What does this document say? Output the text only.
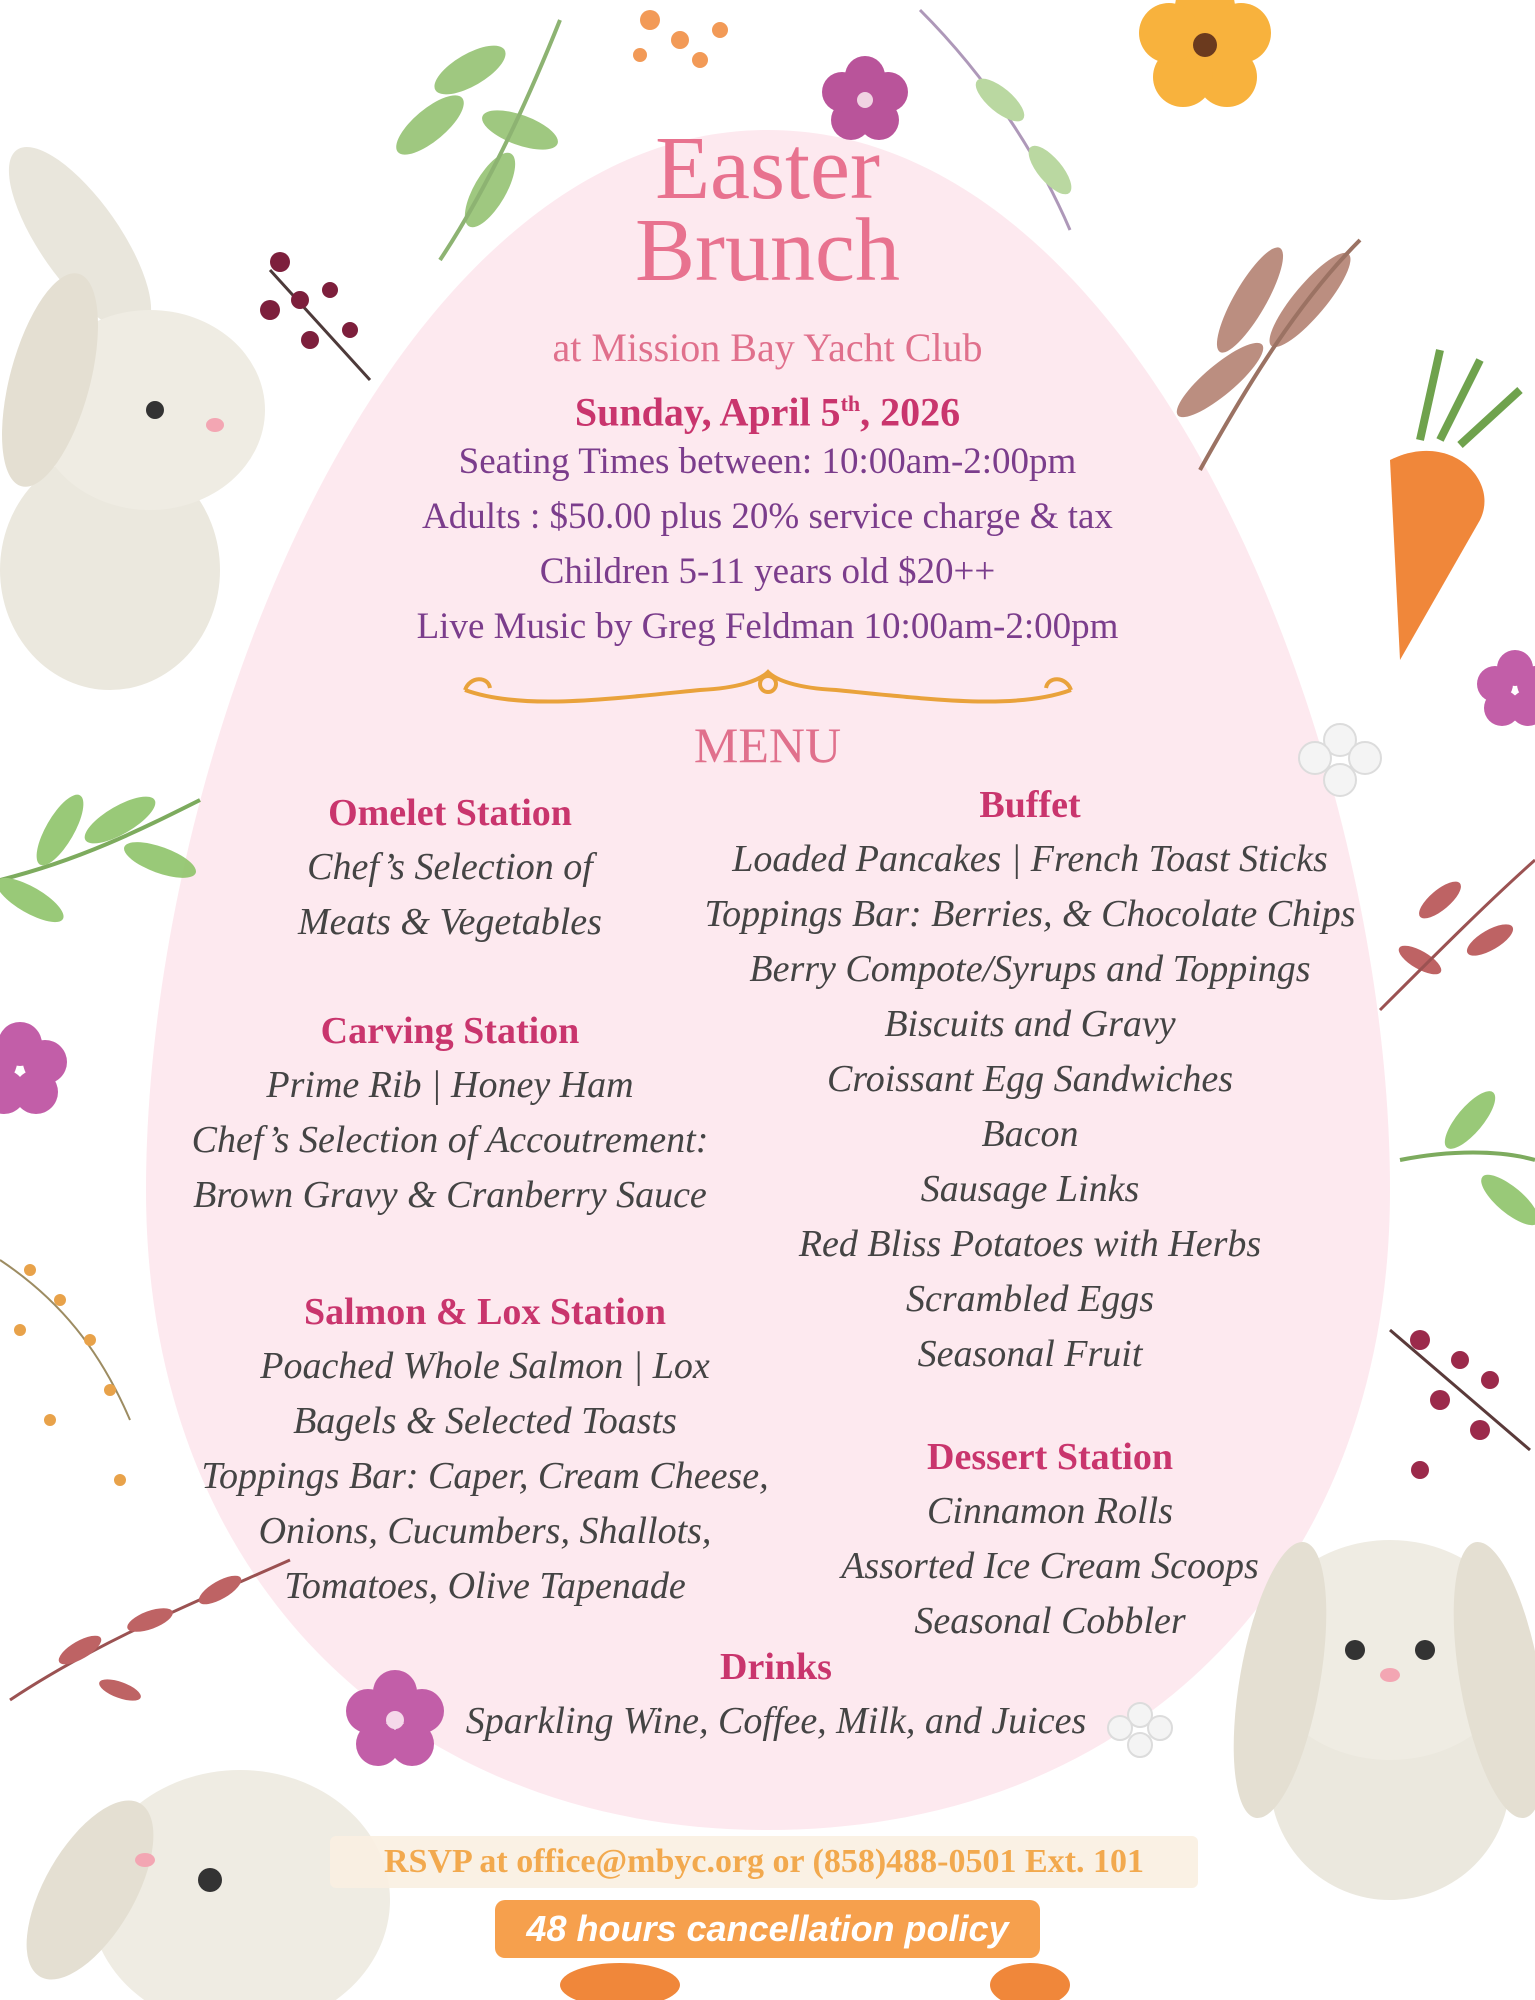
Easter
Brunch
at Mission Bay Yacht Club
Sunday, April 5th, 2026
Seating Times between: 10:00am-2:00pm
Adults : $50.00 plus 20% service charge & tax
Children 5-11 years old $20++
Live Music by Greg Feldman 10:00am-2:00pm
MENU
Omelet Station
Chef’s Selection of
Meats & Vegetables
Carving Station
Prime Rib | Honey Ham
Chef’s Selection of Accoutrement:
Brown Gravy & Cranberry Sauce
Salmon & Lox Station
Poached Whole Salmon | Lox
Bagels & Selected Toasts
Toppings Bar: Caper, Cream Cheese,
Onions, Cucumbers, Shallots,
Tomatoes, Olive Tapenade
Buffet
Loaded Pancakes | French Toast Sticks
Toppings Bar: Berries, & Chocolate Chips
Berry Compote/Syrups and Toppings
Biscuits and Gravy
Croissant Egg Sandwiches
Bacon
Sausage Links
Red Bliss Potatoes with Herbs
Scrambled Eggs
Seasonal Fruit
Dessert Station
Cinnamon Rolls
Assorted Ice Cream Scoops
Seasonal Cobbler
Drinks
Sparkling Wine, Coffee, Milk, and Juices
RSVP at office@mbyc.org or (858)488-0501 Ext. 101
48 hours cancellation policy
